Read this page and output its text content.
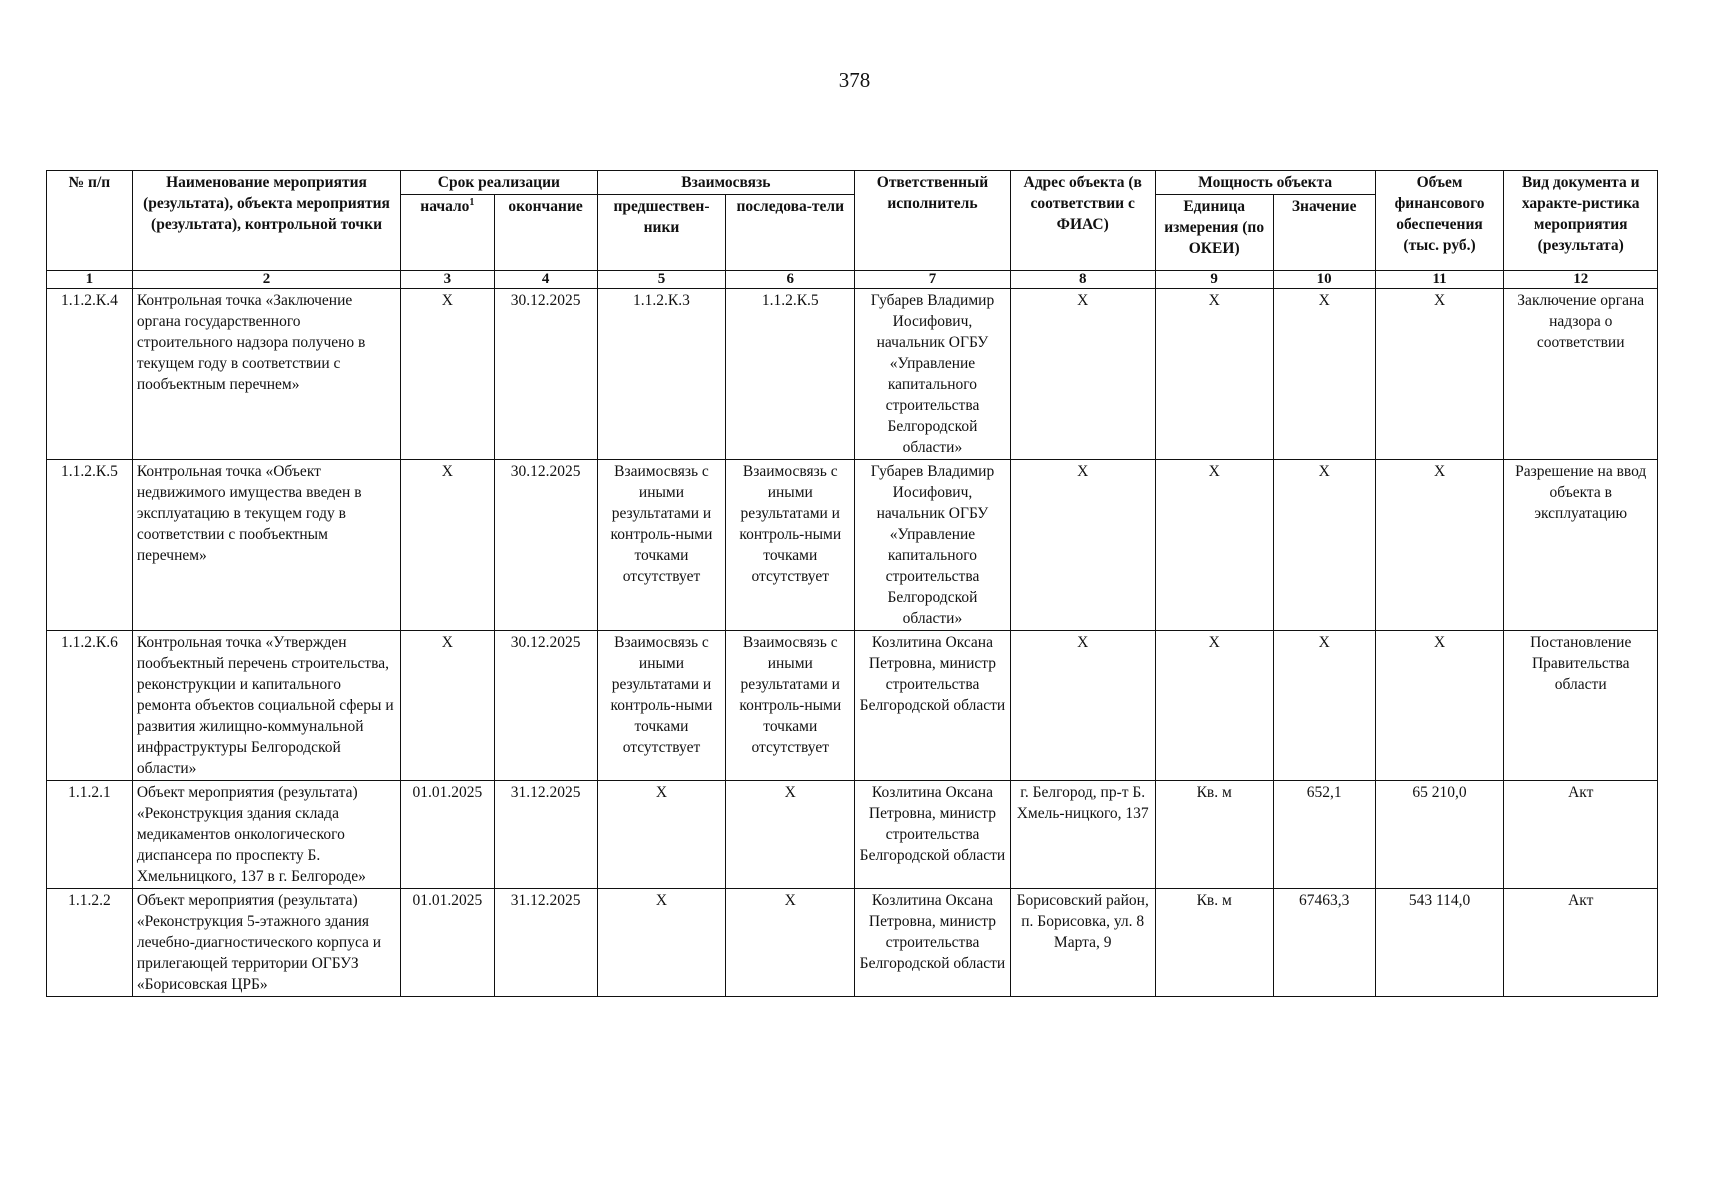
378
№ п/п	Наименование мероприятия (результата), объекта мероприятия (результата), контрольной точки	Срок реализации		Взаимосвязь		Ответственный исполнитель	Адрес объекта (в соответствии с ФИАС)	Мощность объекта		Объем финансового обеспечения (тыс. руб.)	Вид документа и характе-ристика мероприятия (результата)
		начало$^1$	окончание	предшествен-ники	последова-тели			Единица измерения (по ОКЕИ)	Значение		
1	2	3	4	5	6	7	8	9	10	11	12
1.1.2.К.4	Контрольная точка «Заключение органа государственного строительного надзора получено в текущем году в соответствии с пообъектным перечнем»	X	30.12.2025	1.1.2.К.3	1.1.2.К.5	Губарев Владимир Иосифович, начальник ОГБУ «Управление капитального строительства Белгородской области»	X	X	X	X	Заключение органа надзора о соответствии
1.1.2.К.5	Контрольная точка «Объект недвижимого имущества введен в эксплуатацию в текущем году в соответствии с пообъектным перечнем»	X	30.12.2025	Взаимосвязь с иными результатами и контроль-ными точками отсутствует	Взаимосвязь с иными результатами и контроль-ными точками отсутствует	Губарев Владимир Иосифович, начальник ОГБУ «Управление капитального строительства Белгородской области»	X	X	X	X	Разрешение на ввод объекта в эксплуатацию
1.1.2.К.6	Контрольная точка «Утвержден пообъектный перечень строительства, реконструкции и капитального ремонта объектов социальной сферы и развития жилищно-коммунальной инфраструктуры Белгородской области»	X	30.12.2025	Взаимосвязь с иными результатами и контроль-ными точками отсутствует	Взаимосвязь с иными результатами и контроль-ными точками отсутствует	Козлитина Оксана Петровна, министр строительства Белгородской области	X	X	X	X	Постановление Правительства области
1.1.2.1	Объект мероприятия (результата) «Реконструкция здания склада медикаментов онкологического диспансера по проспекту Б. Хмельницкого, 137 в г. Белгороде»	01.01.2025	31.12.2025	X	X	Козлитина Оксана Петровна, министр строительства Белгородской области	г. Белгород, пр-т Б. Хмель-ницкого, 137	Кв. м	652,1	65 210,0	Акт
1.1.2.2	Объект мероприятия (результата) «Реконструкция 5-этажного здания лечебно-диагностического корпуса и прилегающей территории ОГБУЗ «Борисовская ЦРБ»	01.01.2025	31.12.2025	X	X	Козлитина Оксана Петровна, министр строительства Белгородской области	Борисовский район, п. Борисовка, ул. 8 Марта, 9	Кв. м	67463,3	543 114,0	Акт
